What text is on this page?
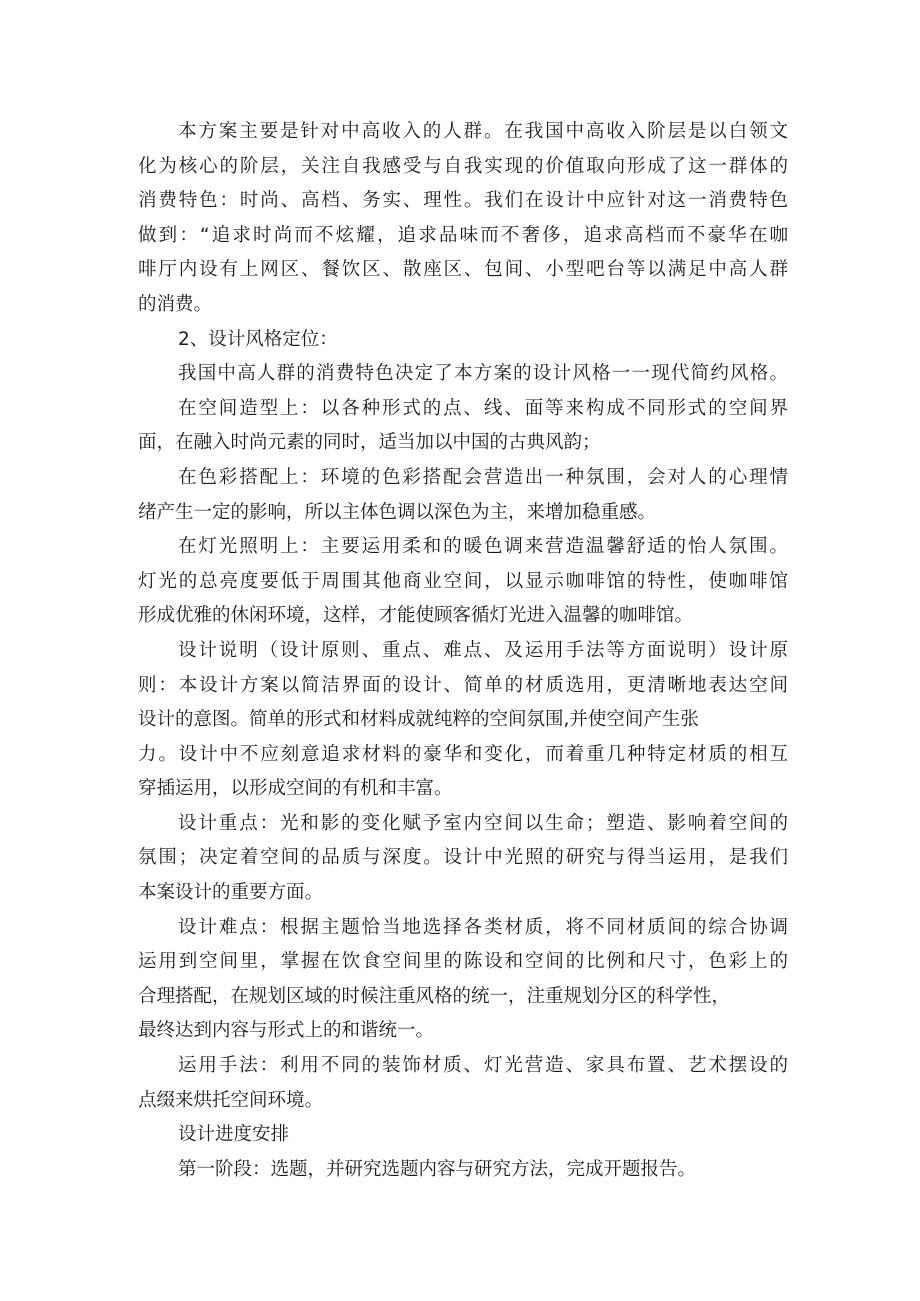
本方案主要是针对中高收入的人群。在我国中高收入阶层是以白领文
化为核心的阶层，关注自我感受与自我实现的价值取向形成了这一群体的
消费特色：时尚、高档、务实、理性。我们在设计中应针对这一消费特色
做到：“追求时尚而不炫耀，追求品味而不奢侈，追求高档而不豪华在咖
啡厅内设有上网区、餐饮区、散座区、包间、小型吧台等以满足中高人群
的消费。
2、设计风格定位：
我国中高人群的消费特色决定了本方案的设计风格一一现代简约风格。
在空间造型上：以各种形式的点、线、面等来构成不同形式的空间界
面，在融入时尚元素的同时，适当加以中国的古典风韵；
在色彩搭配上：环境的色彩搭配会营造出一种氛围，会对人的心理情
绪产生一定的影响，所以主体色调以深色为主，来增加稳重感。
在灯光照明上：主要运用柔和的暖色调来营造温馨舒适的怡人氛围。
灯光的总亮度要低于周围其他商业空间，以显示咖啡馆的特性，使咖啡馆
形成优雅的休闲环境，这样，才能使顾客循灯光进入温馨的咖啡馆。
设计说明（设计原则、重点、难点、及运用手法等方面说明）设计原
则：本设计方案以简洁界面的设计、简单的材质选用，更清晰地表达空间
设计的意图。简单的形式和材料成就纯粹的空间氛围,并使空间产生张
力。设计中不应刻意追求材料的豪华和变化，而着重几种特定材质的相互
穿插运用，以形成空间的有机和丰富。
设计重点：光和影的变化赋予室内空间以生命；塑造、影响着空间的
氛围；决定着空间的品质与深度。设计中光照的研究与得当运用，是我们
本案设计的重要方面。
设计难点：根据主题恰当地选择各类材质，将不同材质间的综合协调
运用到空间里，掌握在饮食空间里的陈设和空间的比例和尺寸，色彩上的
合理搭配，在规划区域的时候注重风格的统一，注重规划分区的科学性，
最终达到内容与形式上的和谐统一。
运用手法：利用不同的装饰材质、灯光营造、家具布置、艺术摆设的
点缀来烘托空间环境。
设计进度安排
第一阶段：选题，并研究选题内容与研究方法，完成开题报告。
